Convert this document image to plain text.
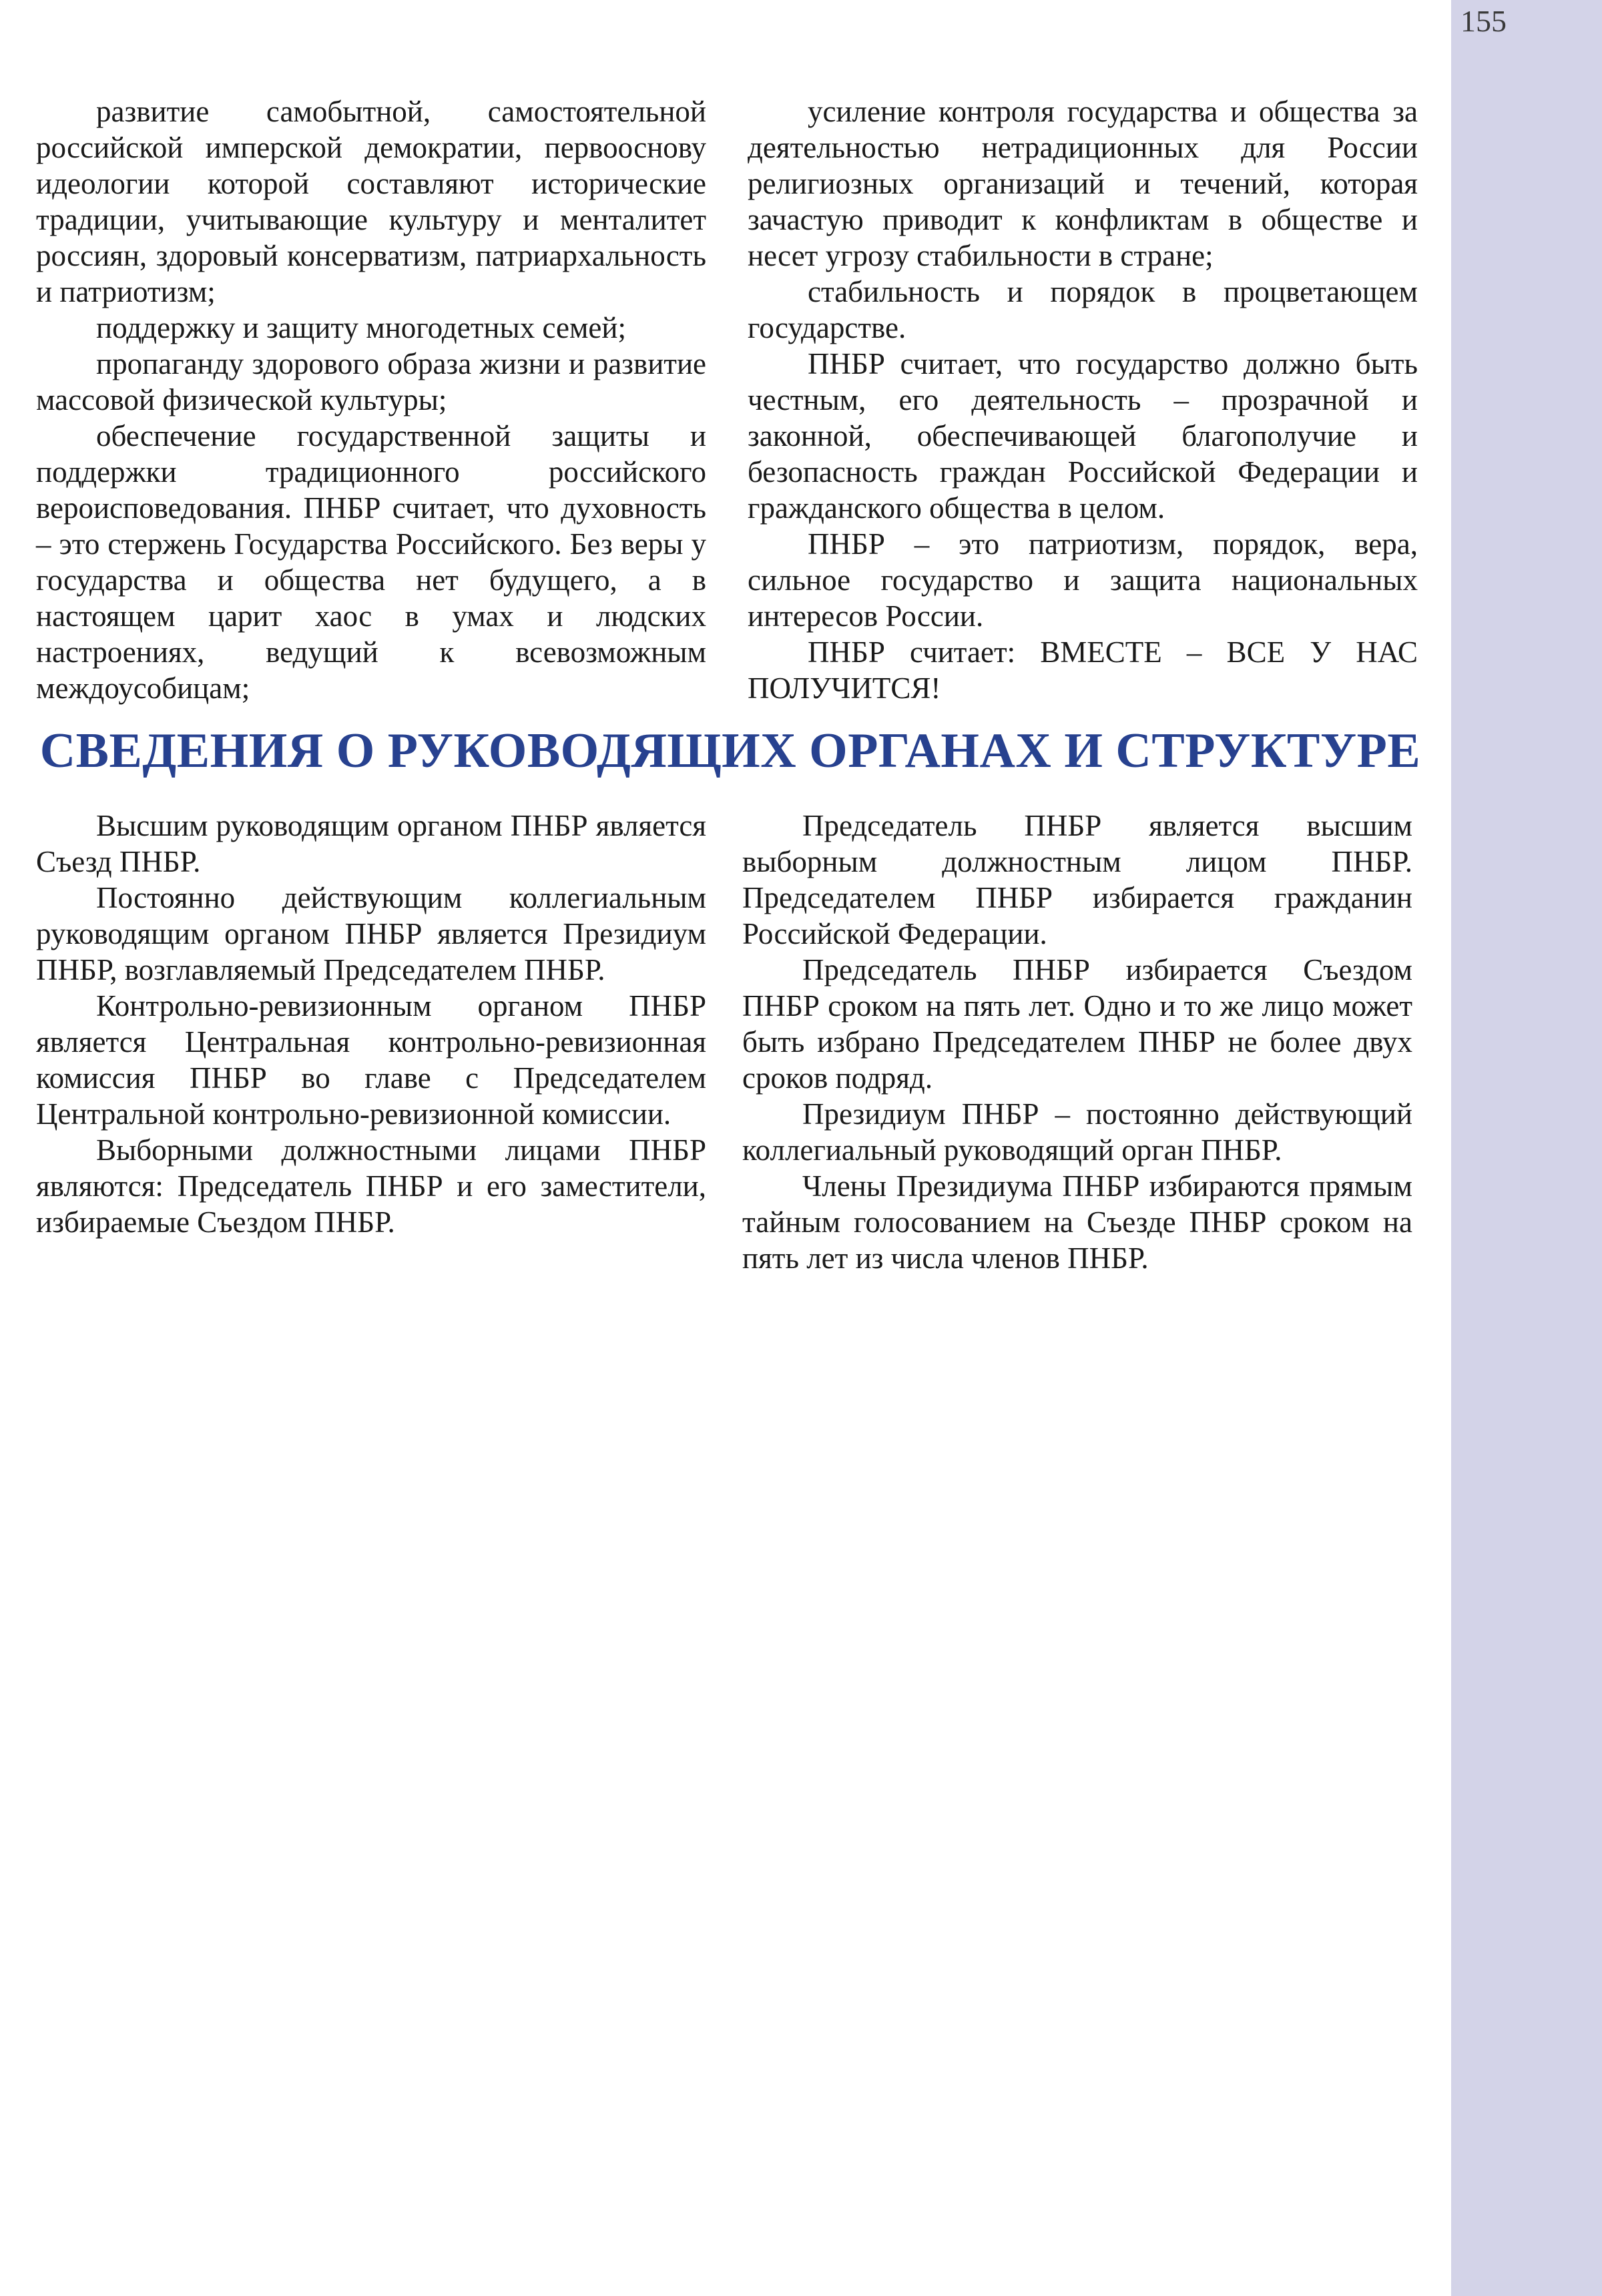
155

развитие самобытной, самостоятельной российской имперской демократии, первооснову идеологии которой составляют исторические традиции, учитывающие культуру и менталитет россиян, здоровый консерватизм, патриархальность и патриотизм;

поддержку и защиту многодетных семей;

пропаганду здорового образа жизни и развитие массовой физической культуры;

обеспечение государственной защиты и поддержки традиционного российского вероисповедования. ПНБР считает, что духовность – это стержень Государства Российского. Без веры у государства и общества нет будущего, а в настоящем царит хаос в умах и людских настроениях, ведущий к всевозможным междоусобицам;

усиление контроля государства и общества за деятельностью нетрадиционных для России религиозных организаций и течений, которая зачастую приводит к конфликтам в обществе и несет угрозу стабильности в стране;

стабильность и порядок в процветающем государстве.

ПНБР считает, что государство должно быть честным, его деятельность – прозрачной и законной, обеспечивающей благополучие и безопасность граждан Российской Федерации и гражданского общества в целом.

ПНБР – это патриотизм, порядок, вера, сильное государство и защита национальных интересов России.

ПНБР считает: ВМЕСТЕ – ВСЕ У НАС ПОЛУЧИТСЯ!

СВЕДЕНИЯ О РУКОВОДЯЩИХ ОРГАНАХ И СТРУКТУРЕ

Высшим руководящим органом ПНБР является Съезд ПНБР.

Постоянно действующим коллегиальным руководящим органом ПНБР является Президиум ПНБР, возглавляемый Председателем ПНБР.

Контрольно-ревизионным органом ПНБР является Центральная контрольно-ревизионная комиссия ПНБР во главе с Председателем Центральной контрольно-ревизионной комиссии.

Выборными должностными лицами ПНБР являются: Председатель ПНБР и его заместители, избираемые Съездом ПНБР.

Председатель ПНБР является высшим выборным должностным лицом ПНБР. Председателем ПНБР избирается гражданин Российской Федерации.

Председатель ПНБР избирается Съездом ПНБР сроком на пять лет. Одно и то же лицо может быть избрано Председателем ПНБР не более двух сроков подряд.

Президиум ПНБР – постоянно действующий коллегиальный руководящий орган ПНБР.

Члены Президиума ПНБР избираются прямым тайным голосованием на Съезде ПНБР сроком на пять лет из числа членов ПНБР.
